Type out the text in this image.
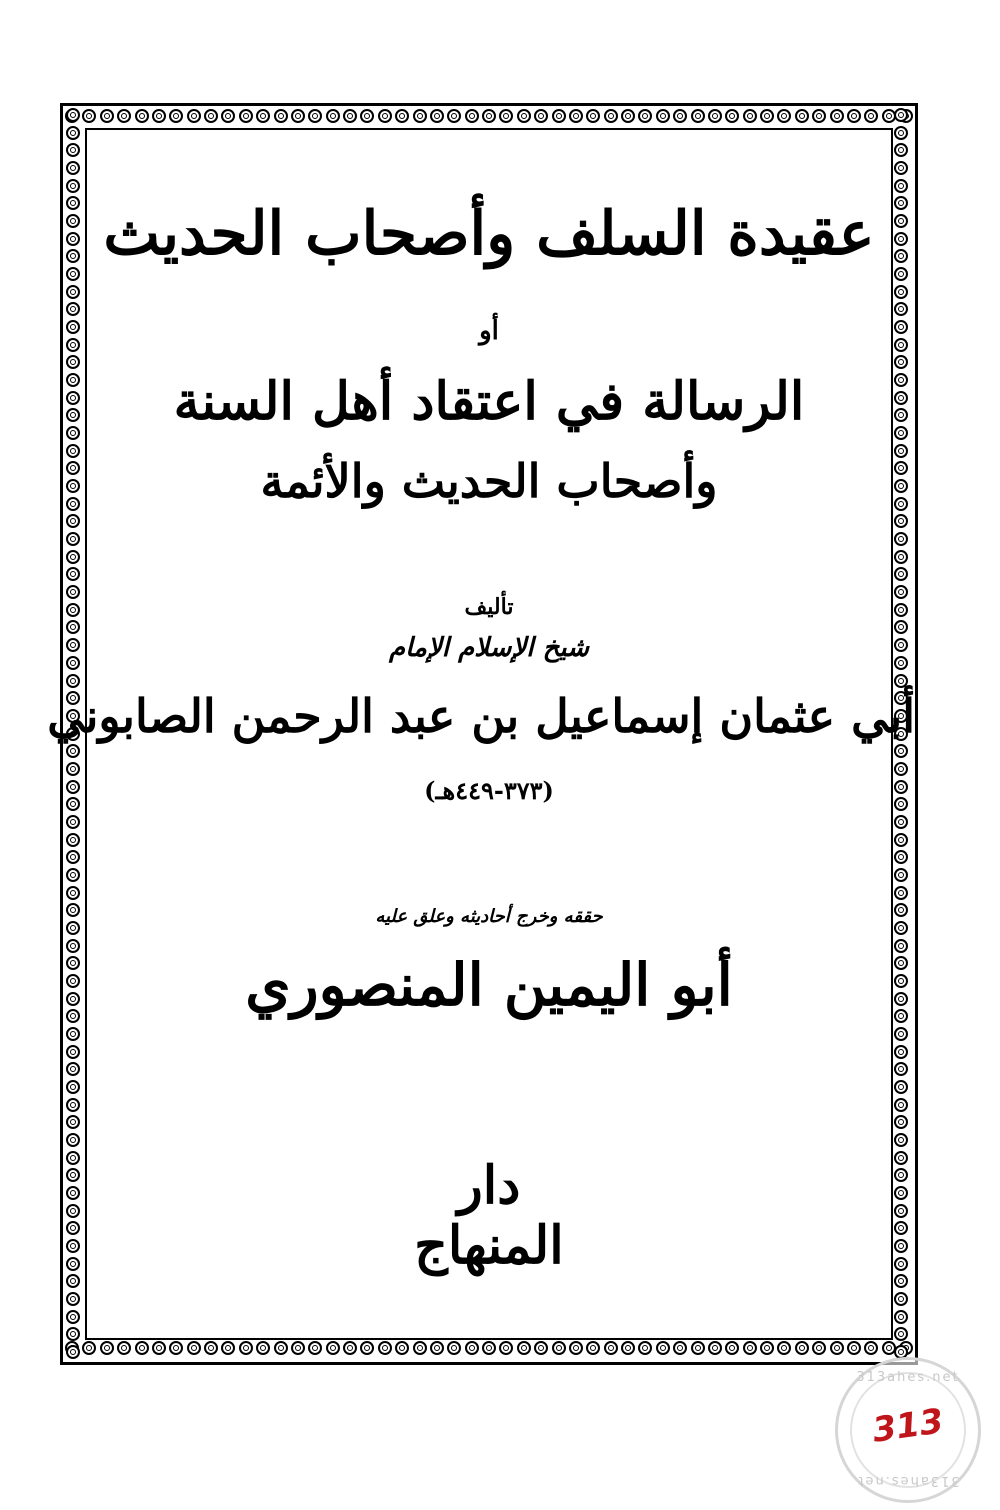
عقيدة السلف وأصحاب الحديث
أو
الرسالة في اعتقاد أهل السنة
وأصحاب الحديث والأئمة
تأليف
شيخ الإسلام الإمام
أبي عثمان إسماعيل بن عبد الرحمن الصابوني
(٣٧٣-٤٤٩هـ)
حققه وخرج أحاديثه وعلق عليه
أبو اليمين المنصوري
دار
المنهاج
313ahes.net
313
313ahes.net
